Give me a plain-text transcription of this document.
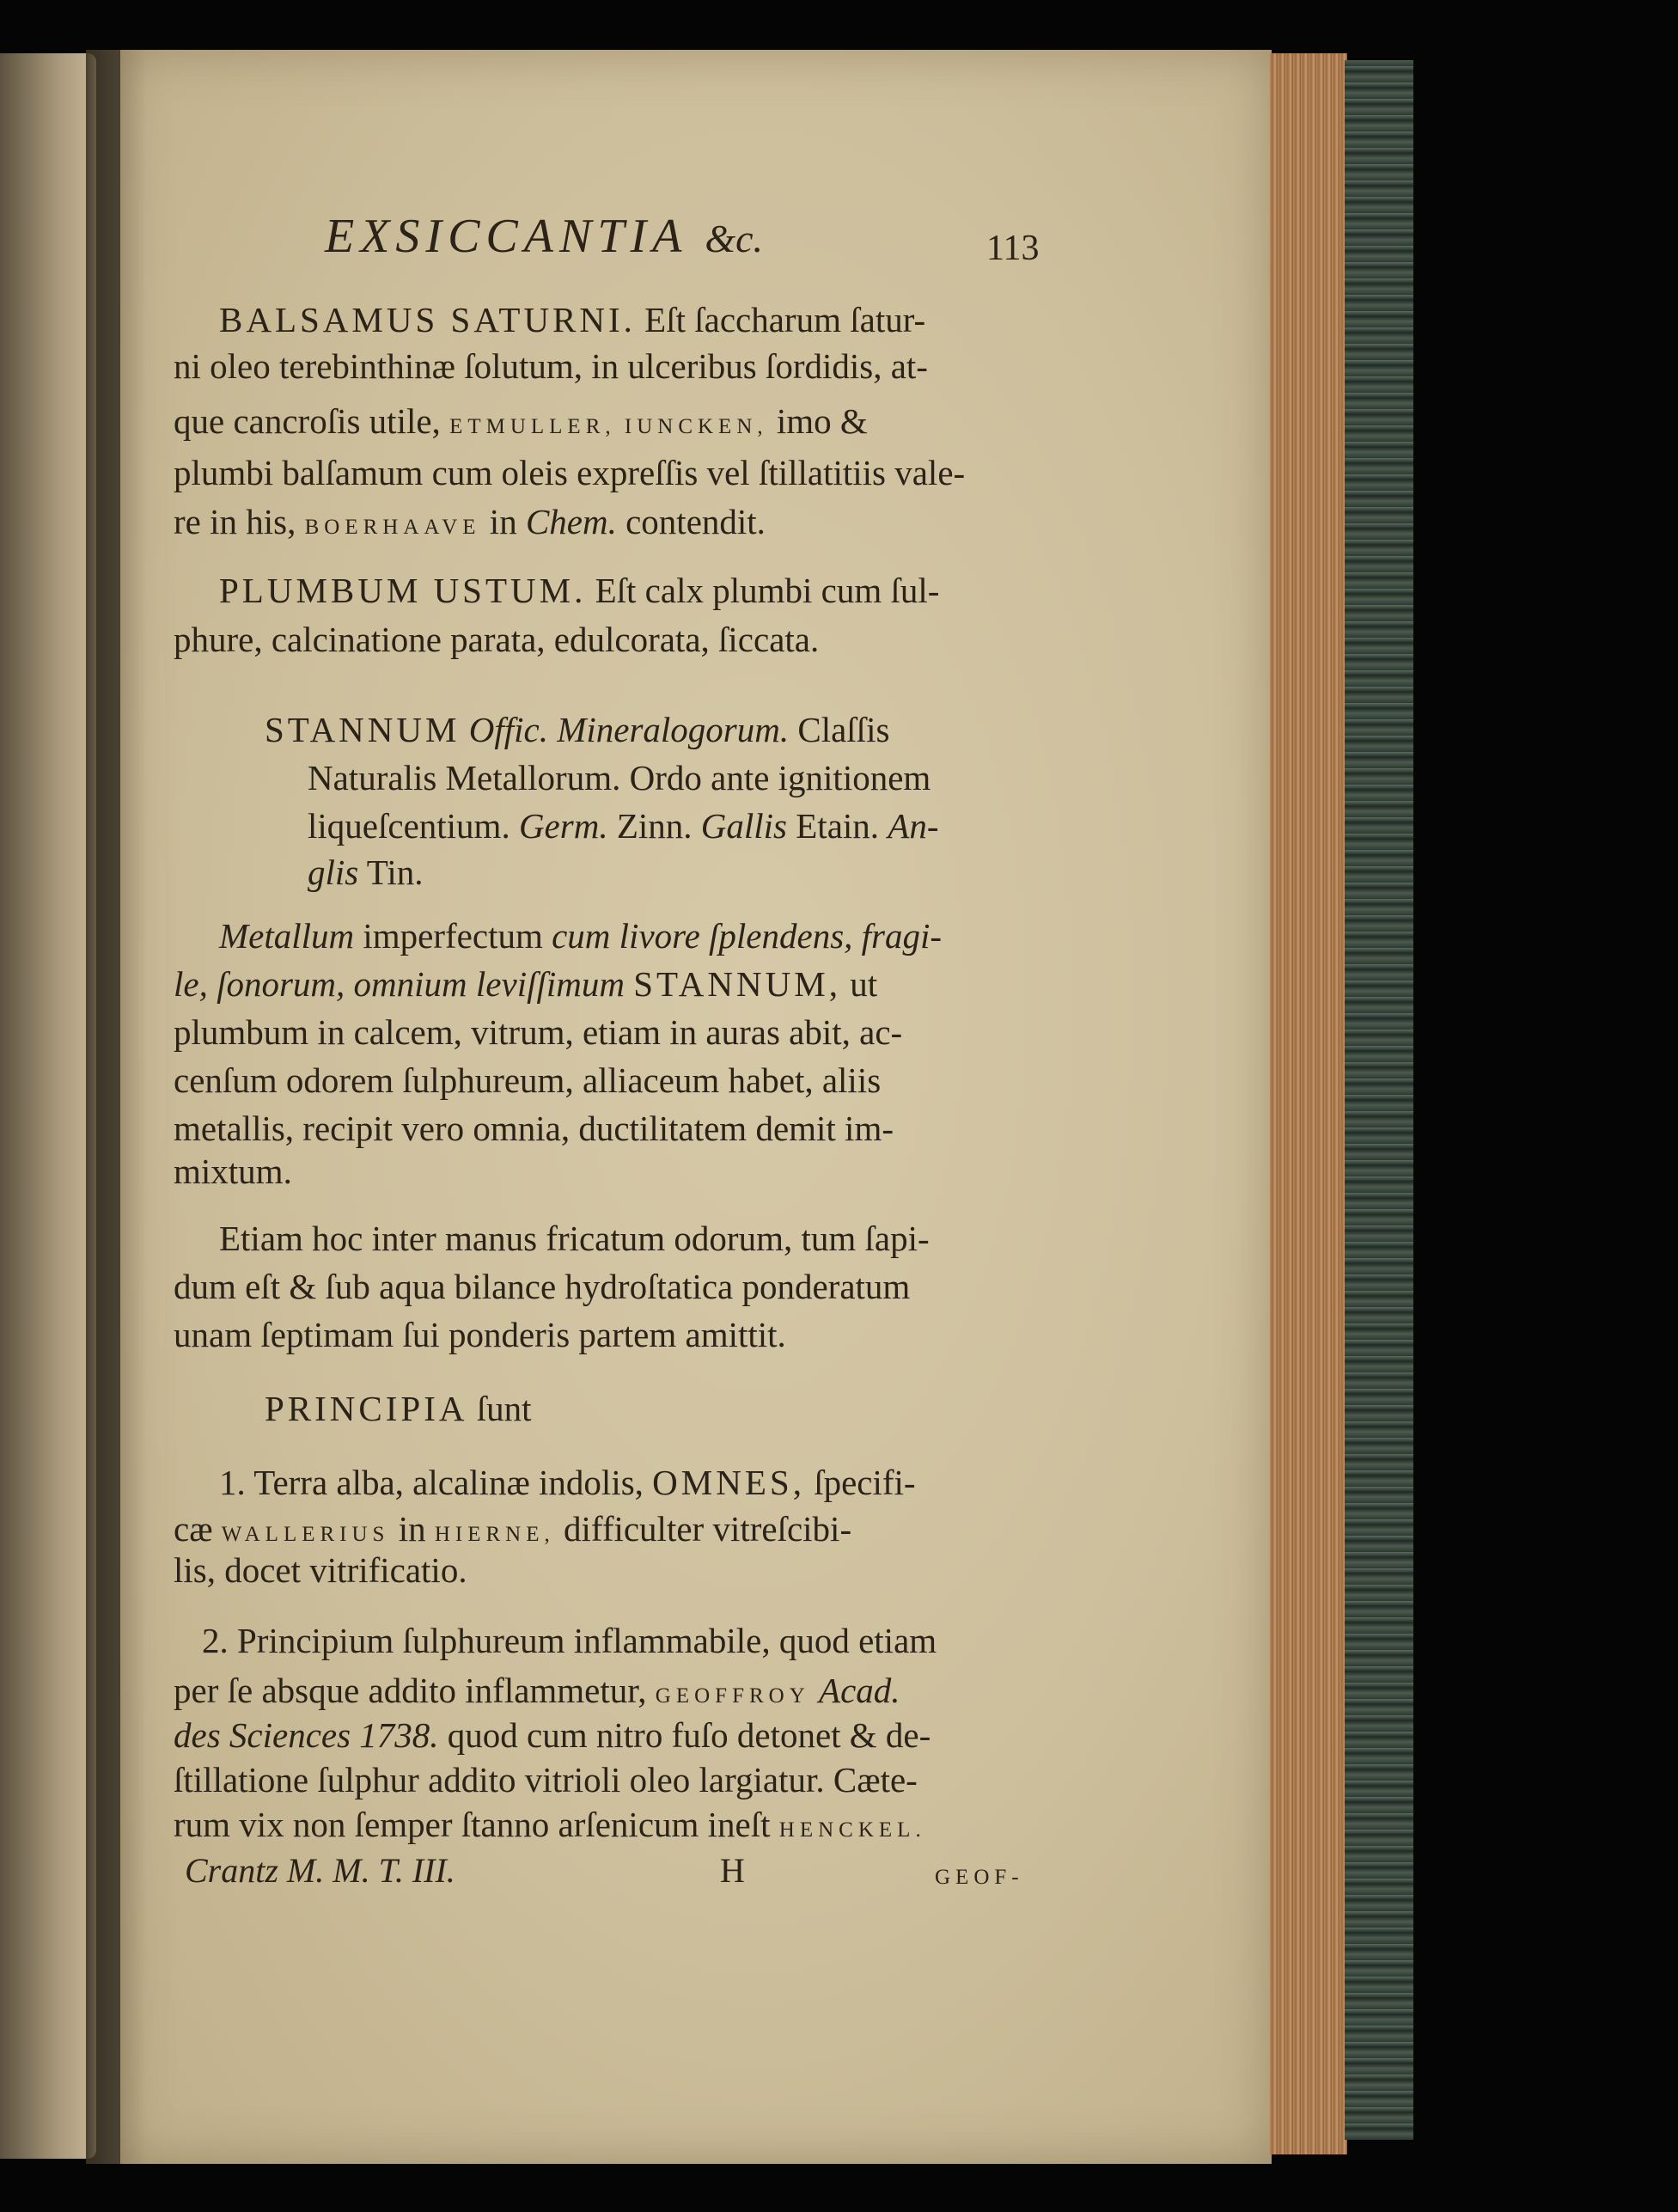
EXSICCANTIA &c.	113
BALSAMUS SATURNI. Eſt ſaccharum ſatur-
ni oleo terebinthinæ ſolutum, in ulceribus ſordidis, at-
que cancroſis utile, ETMULLER, IUNCKEN, imo &
plumbi balſamum cum oleis expreſſis vel ſtillatitiis vale-
re in his, BOERHAAVE in Chem. contendit.
PLUMBUM USTUM. Eſt calx plumbi cum ſul-
phure, calcinatione parata, edulcorata, ſiccata.
STANNUM Offic. Mineralogorum. Claſſis
Naturalis Metallorum. Ordo ante ignitionem
liqueſcentium. Germ. Zinn. Gallis Etain. An-
glis Tin.
Metallum imperfectum cum livore ſplendens, fragi-
le, ſonorum, omnium leviſſimum STANNUM, ut
plumbum in calcem, vitrum, etiam in auras abit, ac-
cenſum odorem ſulphureum, alliaceum habet, aliis
metallis, recipit vero omnia, ductilitatem demit im-
mixtum.
Etiam hoc inter manus fricatum odorum, tum ſapi-
dum eſt & ſub aqua bilance hydroſtatica ponderatum
unam ſeptimam ſui ponderis partem amittit.
PRINCIPIA ſunt
1. Terra alba, alcalinæ indolis, OMNES, ſpecifi-
cæ WALLERIUS in HIERNE, difficulter vitreſcibi-
lis, docet vitrificatio.
2. Principium ſulphureum inflammabile, quod etiam
per ſe absque addito inflammetur, GEOFFROY Acad.
des Sciences 1738. quod cum nitro fuſo detonet & de-
ſtillatione ſulphur addito vitrioli oleo largiatur. Cæte-
rum vix non ſemper ſtanno arſenicum ineſt HENCKEL.
Crantz M. M. T. III.	H	GEOF-
